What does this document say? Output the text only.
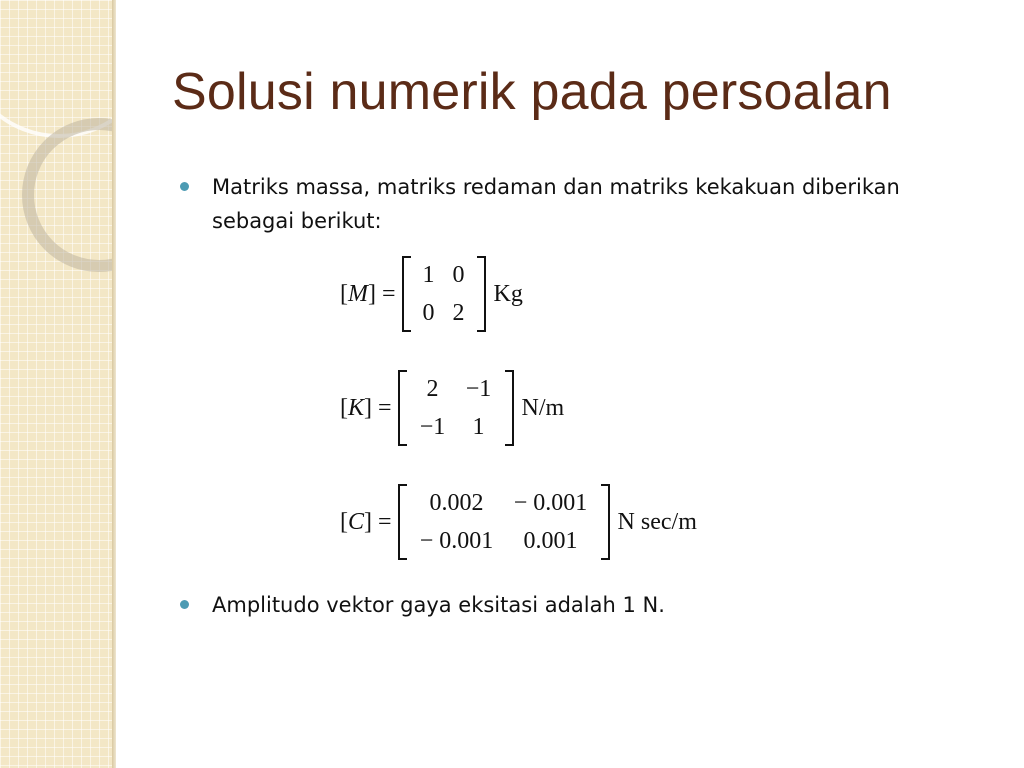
Solusi numerik pada persoalan
Matriks massa, matriks redaman dan matriks kekakuan diberikan sebagai berikut:
[M] =
1 0
0 2
Kg
[K] =
2	−1
−1	1
N/m
[C] =
0.002	− 0.001
− 0.001	0.001
N sec/m
Amplitudo vektor gaya eksitasi adalah 1 N.
